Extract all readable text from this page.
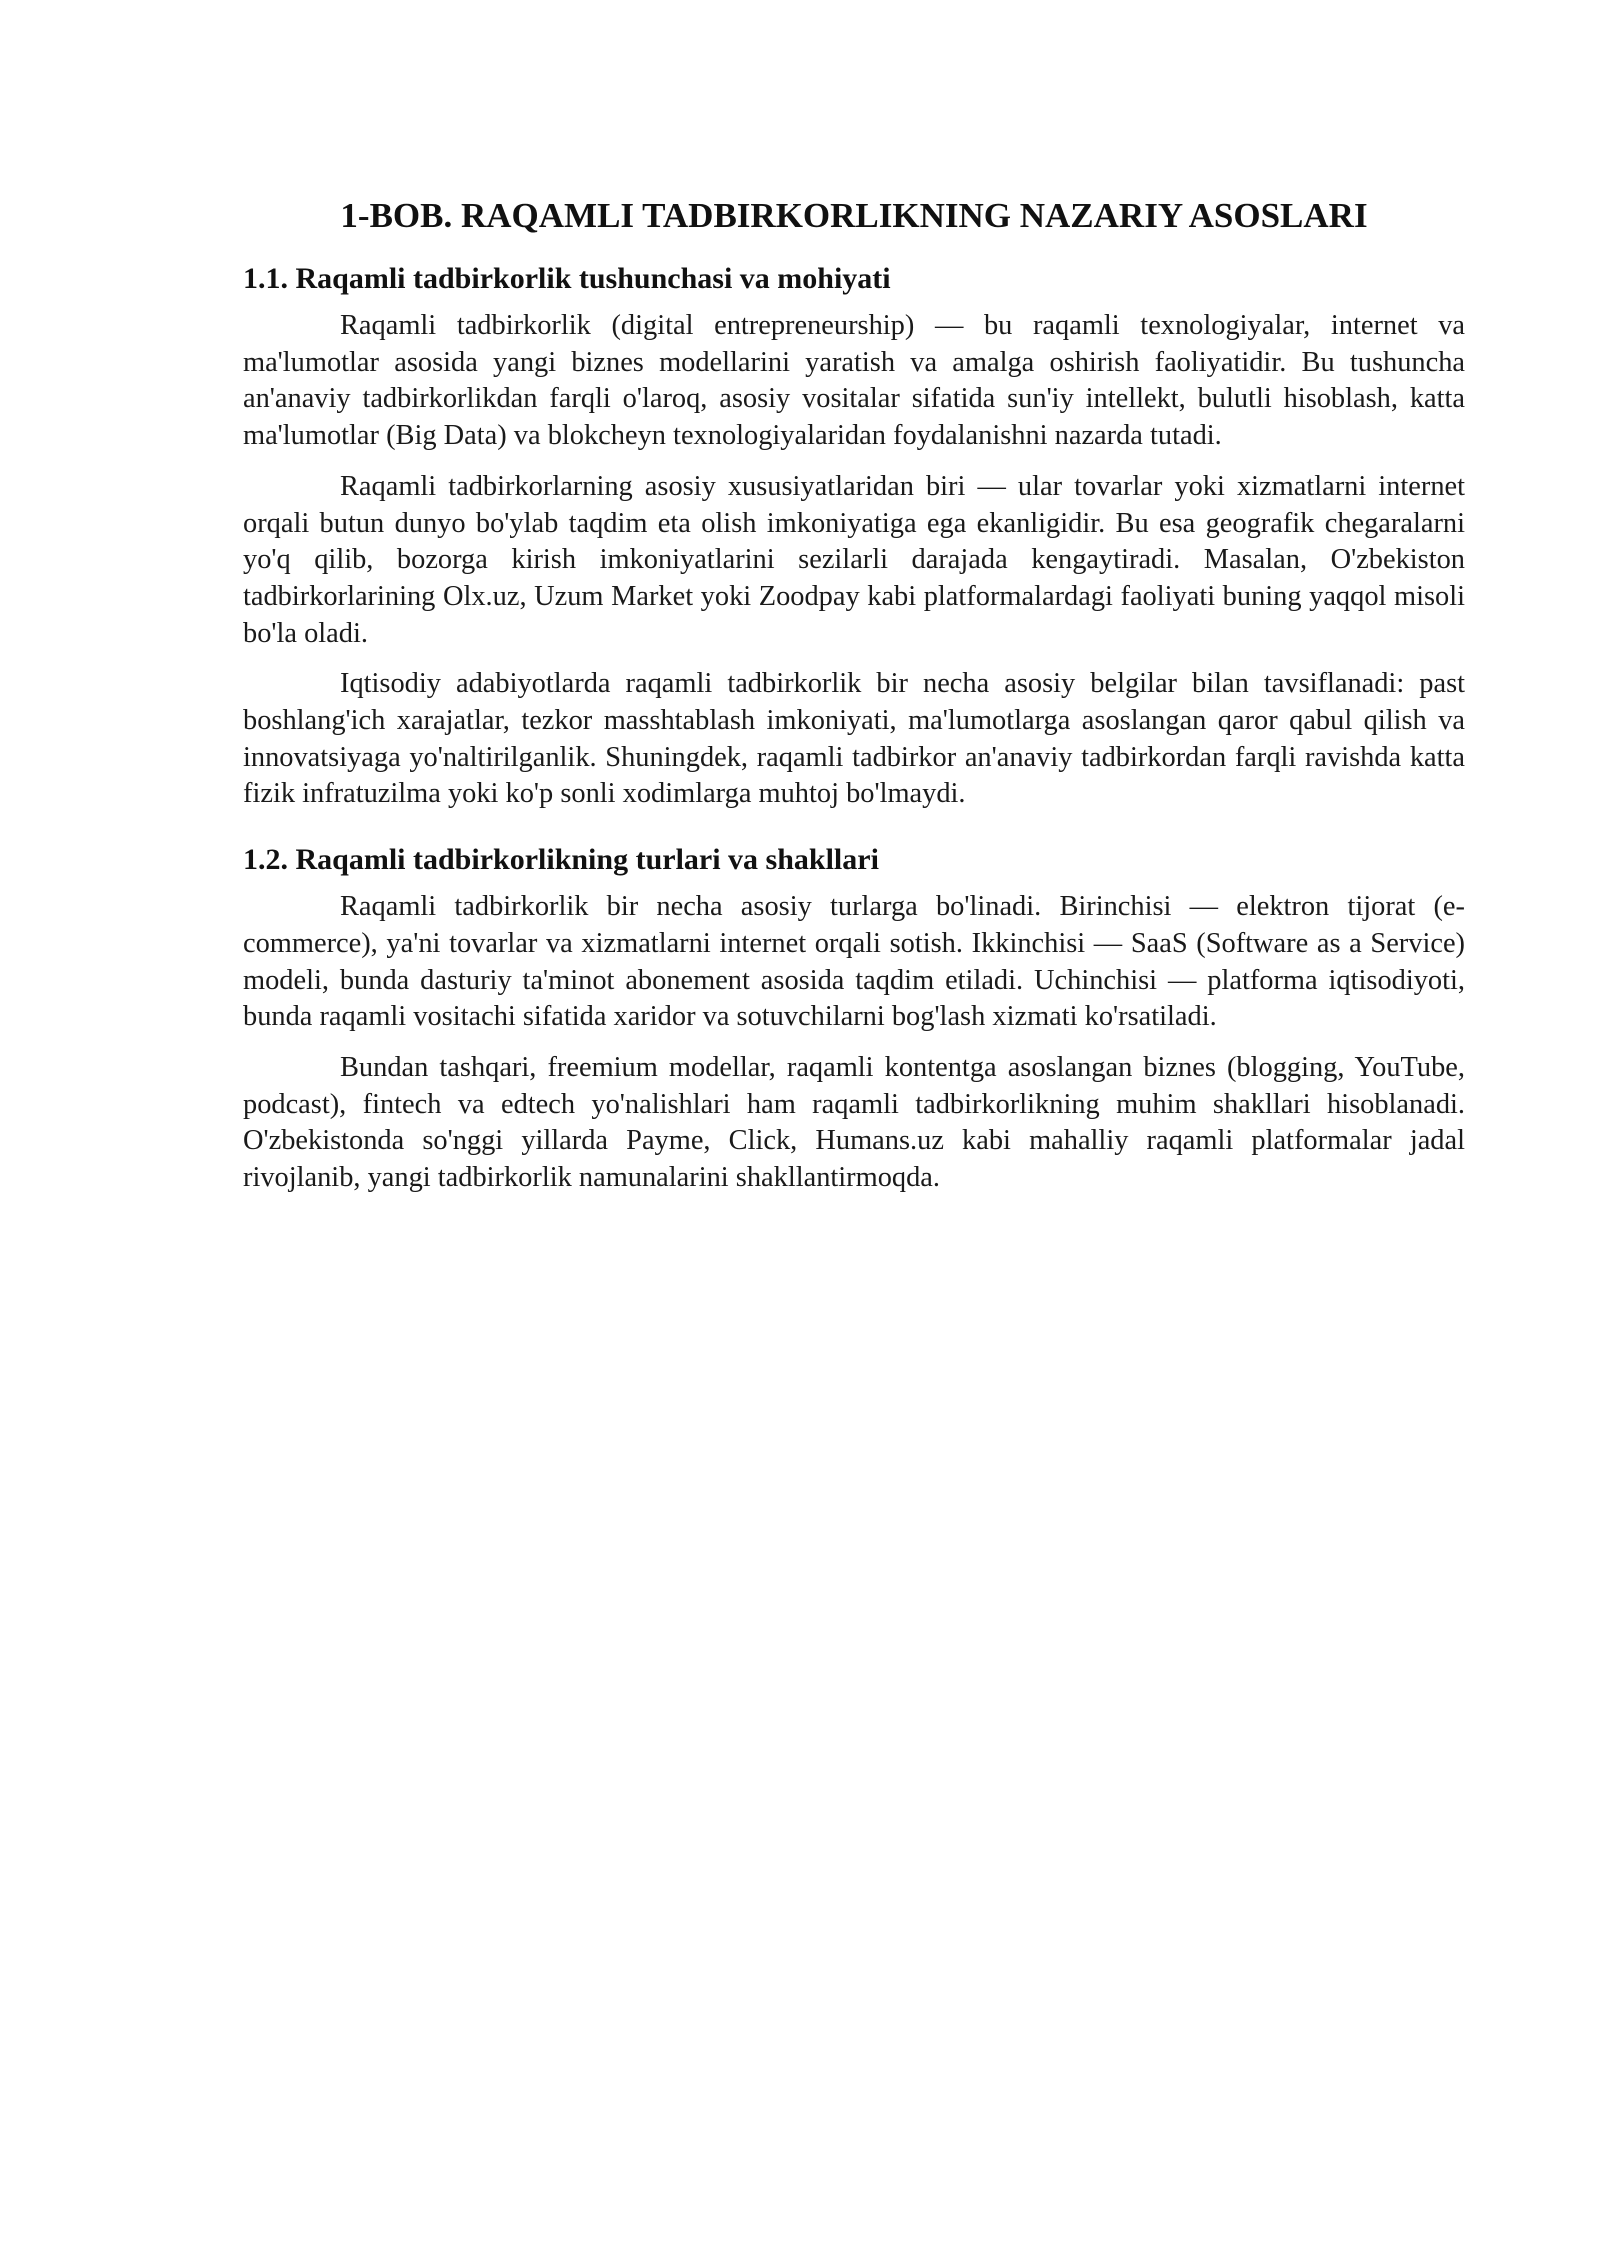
1-BOB. RAQAMLI TADBIRKORLIKNING NAZARIY ASOSLARI
1.1. Raqamli tadbirkorlik tushunchasi va mohiyati

Raqamli tadbirkorlik (digital entrepreneurship) — bu raqamli texnologiyalar, internet va ma'lumotlar asosida yangi biznes modellarini yaratish va amalga oshirish faoliyatidir. Bu tushuncha an'anaviy tadbirkorlikdan farqli o'laroq, asosiy vositalar sifatida sun'iy intellekt, bulutli hisoblash, katta ma'lumotlar (Big Data) va blokcheyn texnologiyalaridan foydalanishni nazarda tutadi.

Raqamli tadbirkorlarning asosiy xususiyatlaridan biri — ular tovarlar yoki xizmatlarni internet orqali butun dunyo bo'ylab taqdim eta olish imkoniyatiga ega ekanligidir. Bu esa geografik chegaralarni yo'q qilib, bozorga kirish imkoniyatlarini sezilarli darajada kengaytiradi. Masalan, O'zbekiston tadbirkorlarining Olx.uz, Uzum Market yoki Zoodpay kabi platformalardagi faoliyati buning yaqqol misoli bo'la oladi.

Iqtisodiy adabiyotlarda raqamli tadbirkorlik bir necha asosiy belgilar bilan tavsiflanadi: past boshlang'ich xarajatlar, tezkor masshtablash imkoniyati, ma'lumotlarga asoslangan qaror qabul qilish va innovatsiyaga yo'naltirilganlik. Shuningdek, raqamli tadbirkor an'anaviy tadbirkordan farqli ravishda katta fizik infratuzilma yoki ko'p sonli xodimlarga muhtoj bo'lmaydi.

1.2. Raqamli tadbirkorlikning turlari va shakllari

Raqamli tadbirkorlik bir necha asosiy turlarga bo'linadi. Birinchisi — elektron tijorat (e-commerce), ya'ni tovarlar va xizmatlarni internet orqali sotish. Ikkinchisi — SaaS (Software as a Service) modeli, bunda dasturiy ta'minot abonement asosida taqdim etiladi. Uchinchisi — platforma iqtisodiyoti, bunda raqamli vositachi sifatida xaridor va sotuvchilarni bog'lash xizmati ko'rsatiladi.

Bundan tashqari, freemium modellar, raqamli kontentga asoslangan biznes (blogging, YouTube, podcast), fintech va edtech yo'nalishlari ham raqamli tadbirkorlikning muhim shakllari hisoblanadi. O'zbekistonda so'nggi yillarda Payme, Click, Humans.uz kabi mahalliy raqamli platformalar jadal rivojlanib, yangi tadbirkorlik namunalarini shakllantirmoqda.
